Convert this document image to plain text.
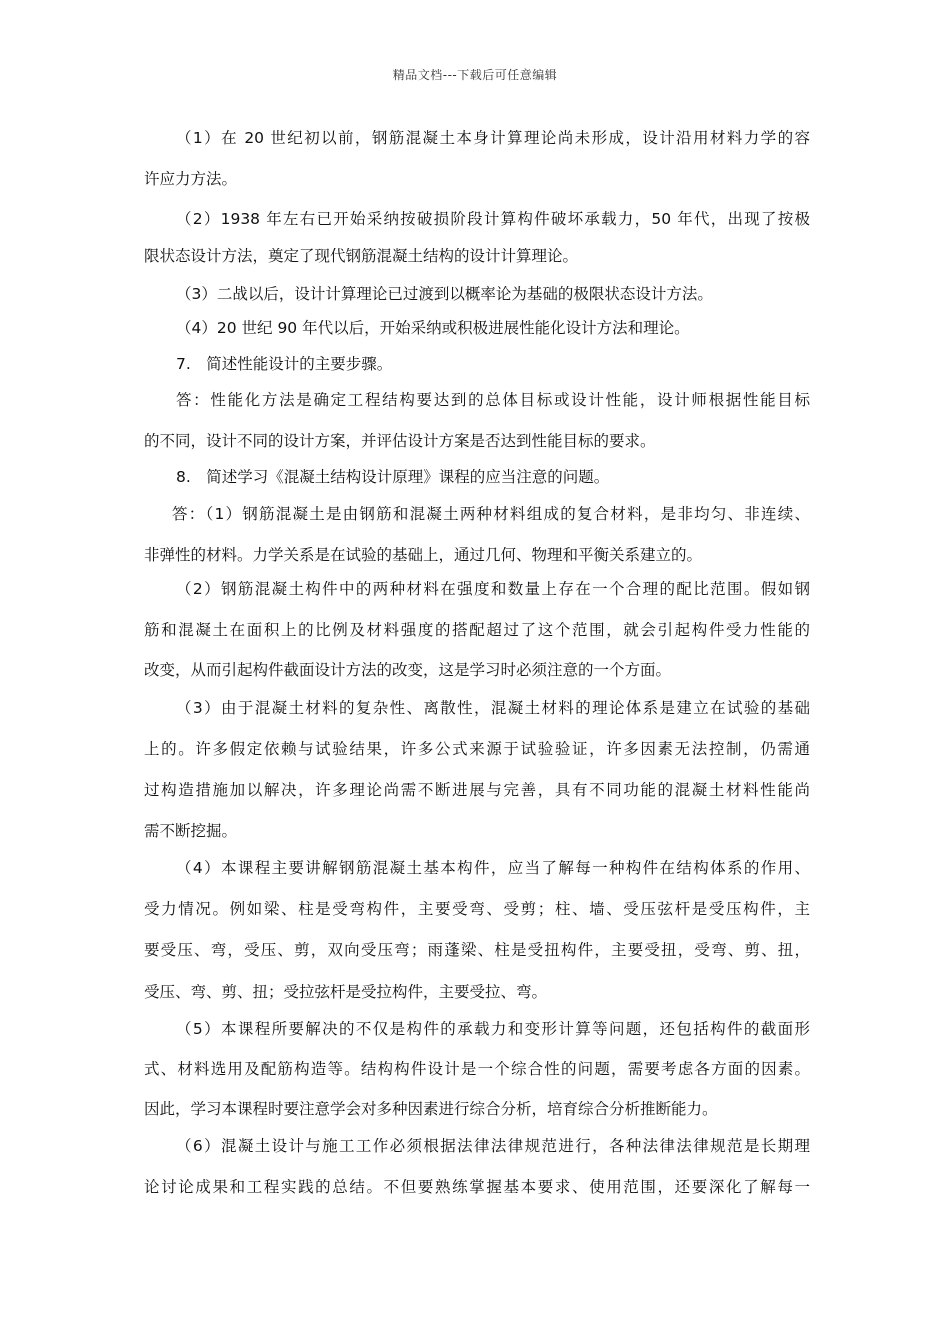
精品文档---下载后可任意编辑
（1）在 20 世纪初以前，钢筋混凝土本身计算理论尚未形成，设计沿用材料力学的容
许应力方法。
（2）1938 年左右已开始采纳按破损阶段计算构件破坏承载力，50 年代，出现了按极
限状态设计方法，奠定了现代钢筋混凝土结构的设计计算理论。
（3）二战以后，设计计算理论已过渡到以概率论为基础的极限状态设计方法。
（4）20 世纪 90 年代以后，开始采纳或积极进展性能化设计方法和理论。
7.　简述性能设计的主要步骤。
答：性能化方法是确定工程结构要达到的总体目标或设计性能，设计师根据性能目标
的不同，设计不同的设计方案，并评估设计方案是否达到性能目标的要求。
8.　简述学习《混凝土结构设计原理》课程的应当注意的问题。
答：（1）钢筋混凝土是由钢筋和混凝土两种材料组成的复合材料，是非均匀、非连续、
非弹性的材料。力学关系是在试验的基础上，通过几何、物理和平衡关系建立的。
（2）钢筋混凝土构件中的两种材料在强度和数量上存在一个合理的配比范围。假如钢
筋和混凝土在面积上的比例及材料强度的搭配超过了这个范围，就会引起构件受力性能的
改变，从而引起构件截面设计方法的改变，这是学习时必须注意的一个方面。
（3）由于混凝土材料的复杂性、离散性，混凝土材料的理论体系是建立在试验的基础
上的。许多假定依赖与试验结果，许多公式来源于试验验证，许多因素无法控制，仍需通
过构造措施加以解决，许多理论尚需不断进展与完善，具有不同功能的混凝土材料性能尚
需不断挖掘。
（4）本课程主要讲解钢筋混凝土基本构件，应当了解每一种构件在结构体系的作用、
受力情况。例如梁、柱是受弯构件，主要受弯、受剪；柱、墙、受压弦杆是受压构件，主
要受压、弯，受压、剪，双向受压弯；雨蓬梁、柱是受扭构件，主要受扭，受弯、剪、扭，
受压、弯、剪、扭；受拉弦杆是受拉构件，主要受拉、弯。
（5）本课程所要解决的不仅是构件的承载力和变形计算等问题，还包括构件的截面形
式、材料选用及配筋构造等。结构构件设计是一个综合性的问题，需要考虑各方面的因素。
因此，学习本课程时要注意学会对多种因素进行综合分析，培育综合分析推断能力。
（6）混凝土设计与施工工作必须根据法律法律规范进行，各种法律法律规范是长期理
论讨论成果和工程实践的总结。不但要熟练掌握基本要求、使用范围，还要深化了解每一
